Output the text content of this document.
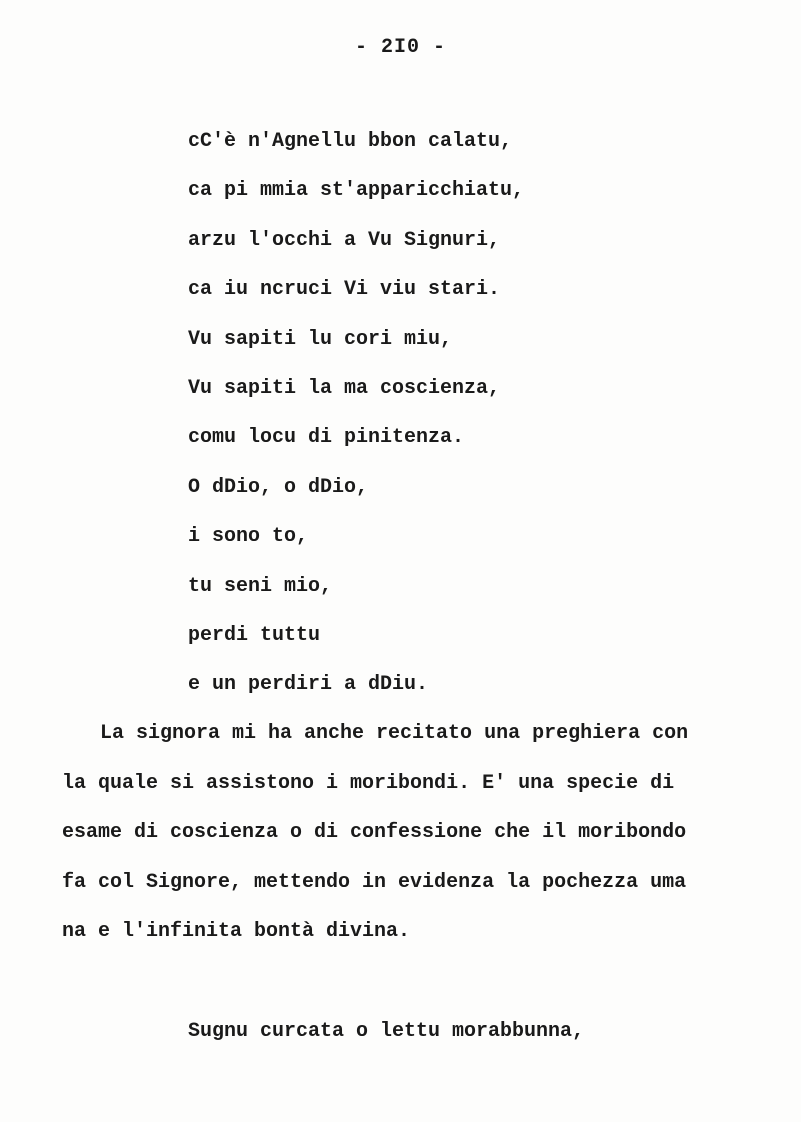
- 2I0 -
cC'è n'Agnellu bbon calatu,
ca pi mmia st'apparicchiatu,
arzu l'occhi a Vu Signuri,
ca iu ncruci Vi viu stari.
Vu sapiti lu cori miu,
Vu sapiti la ma coscienza,
comu locu di pinitenza.
O dDio, o dDio,
i sono to,
tu seni mio,
perdi tuttu
e un perdiri a dDiu.
La signora mi ha anche recitato una preghiera con
la quale si assistono i moribondi. E' una specie di
esame di coscienza o di confessione che il moribondo
fa col Signore, mettendo in evidenza la pochezza uma
na e l'infinita bontà divina.
Sugnu curcata o lettu morabbunna,
